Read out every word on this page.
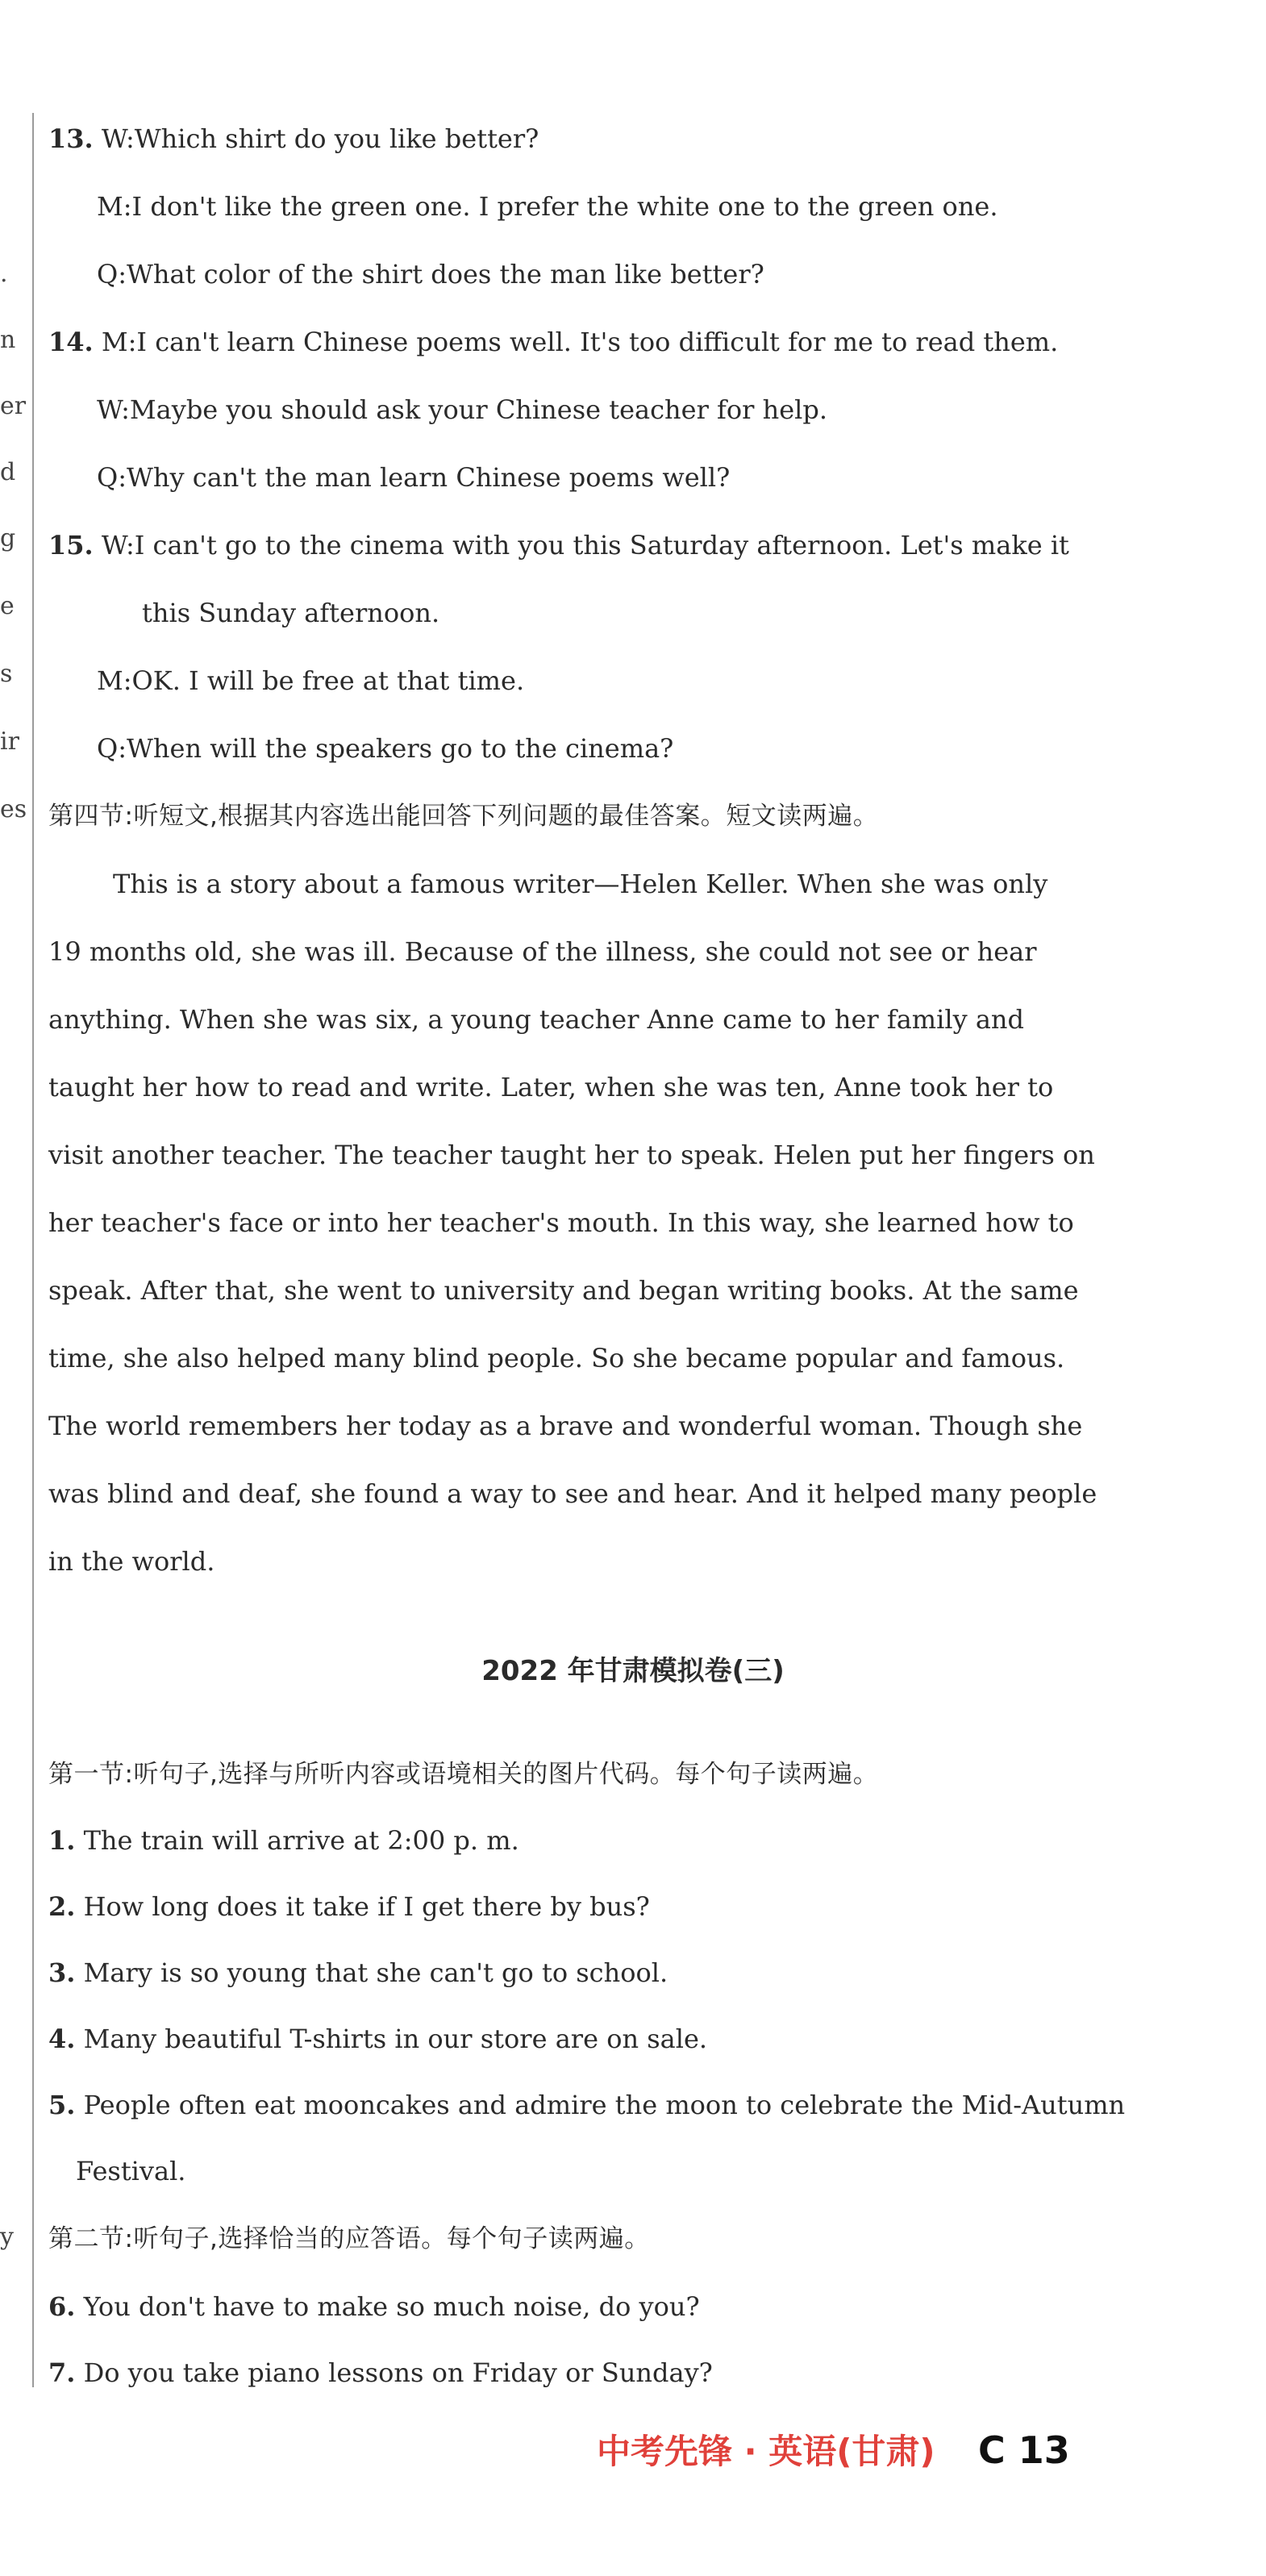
.
n
er
d
g
e
s
ir
es
y
13. W:Which shirt do you like better?
M:I don't like the green one. I prefer the white one to the green one.
Q:What color of the shirt does the man like better?
14. M:I can't learn Chinese poems well. It's too difficult for me to read them.
W:Maybe you should ask your Chinese teacher for help.
Q:Why can't the man learn Chinese poems well?
15. W:I can't go to the cinema with you this Saturday afternoon. Let's make it
this Sunday afternoon.
M:OK. I will be free at that time.
Q:When will the speakers go to the cinema?
第四节:听短文,根据其内容选出能回答下列问题的最佳答案。短文读两遍。
This is a story about a famous writer—Helen Keller. When she was only
19 months old, she was ill. Because of the illness, she could not see or hear
anything. When she was six, a young teacher Anne came to her family and
taught her how to read and write. Later, when she was ten, Anne took her to
visit another teacher. The teacher taught her to speak. Helen put her fingers on
her teacher's face or into her teacher's mouth. In this way, she learned how to
speak. After that, she went to university and began writing books. At the same
time, she also helped many blind people. So she became popular and famous.
The world remembers her today as a brave and wonderful woman. Though she
was blind and deaf, she found a way to see and hear. And it helped many people
in the world.
2022 年甘肃模拟卷(三)
第一节:听句子,选择与所听内容或语境相关的图片代码。每个句子读两遍。
1. The train will arrive at 2:00 p. m.
2. How long does it take if I get there by bus?
3. Mary is so young that she can't go to school.
4. Many beautiful T-shirts in our store are on sale.
5. People often eat mooncakes and admire the moon to celebrate the Mid-Autumn
Festival.
第二节:听句子,选择恰当的应答语。每个句子读两遍。
6. You don't have to make so much noise, do you?
7. Do you take piano lessons on Friday or Sunday?
中考先锋 · 英语(甘肃) C 13
